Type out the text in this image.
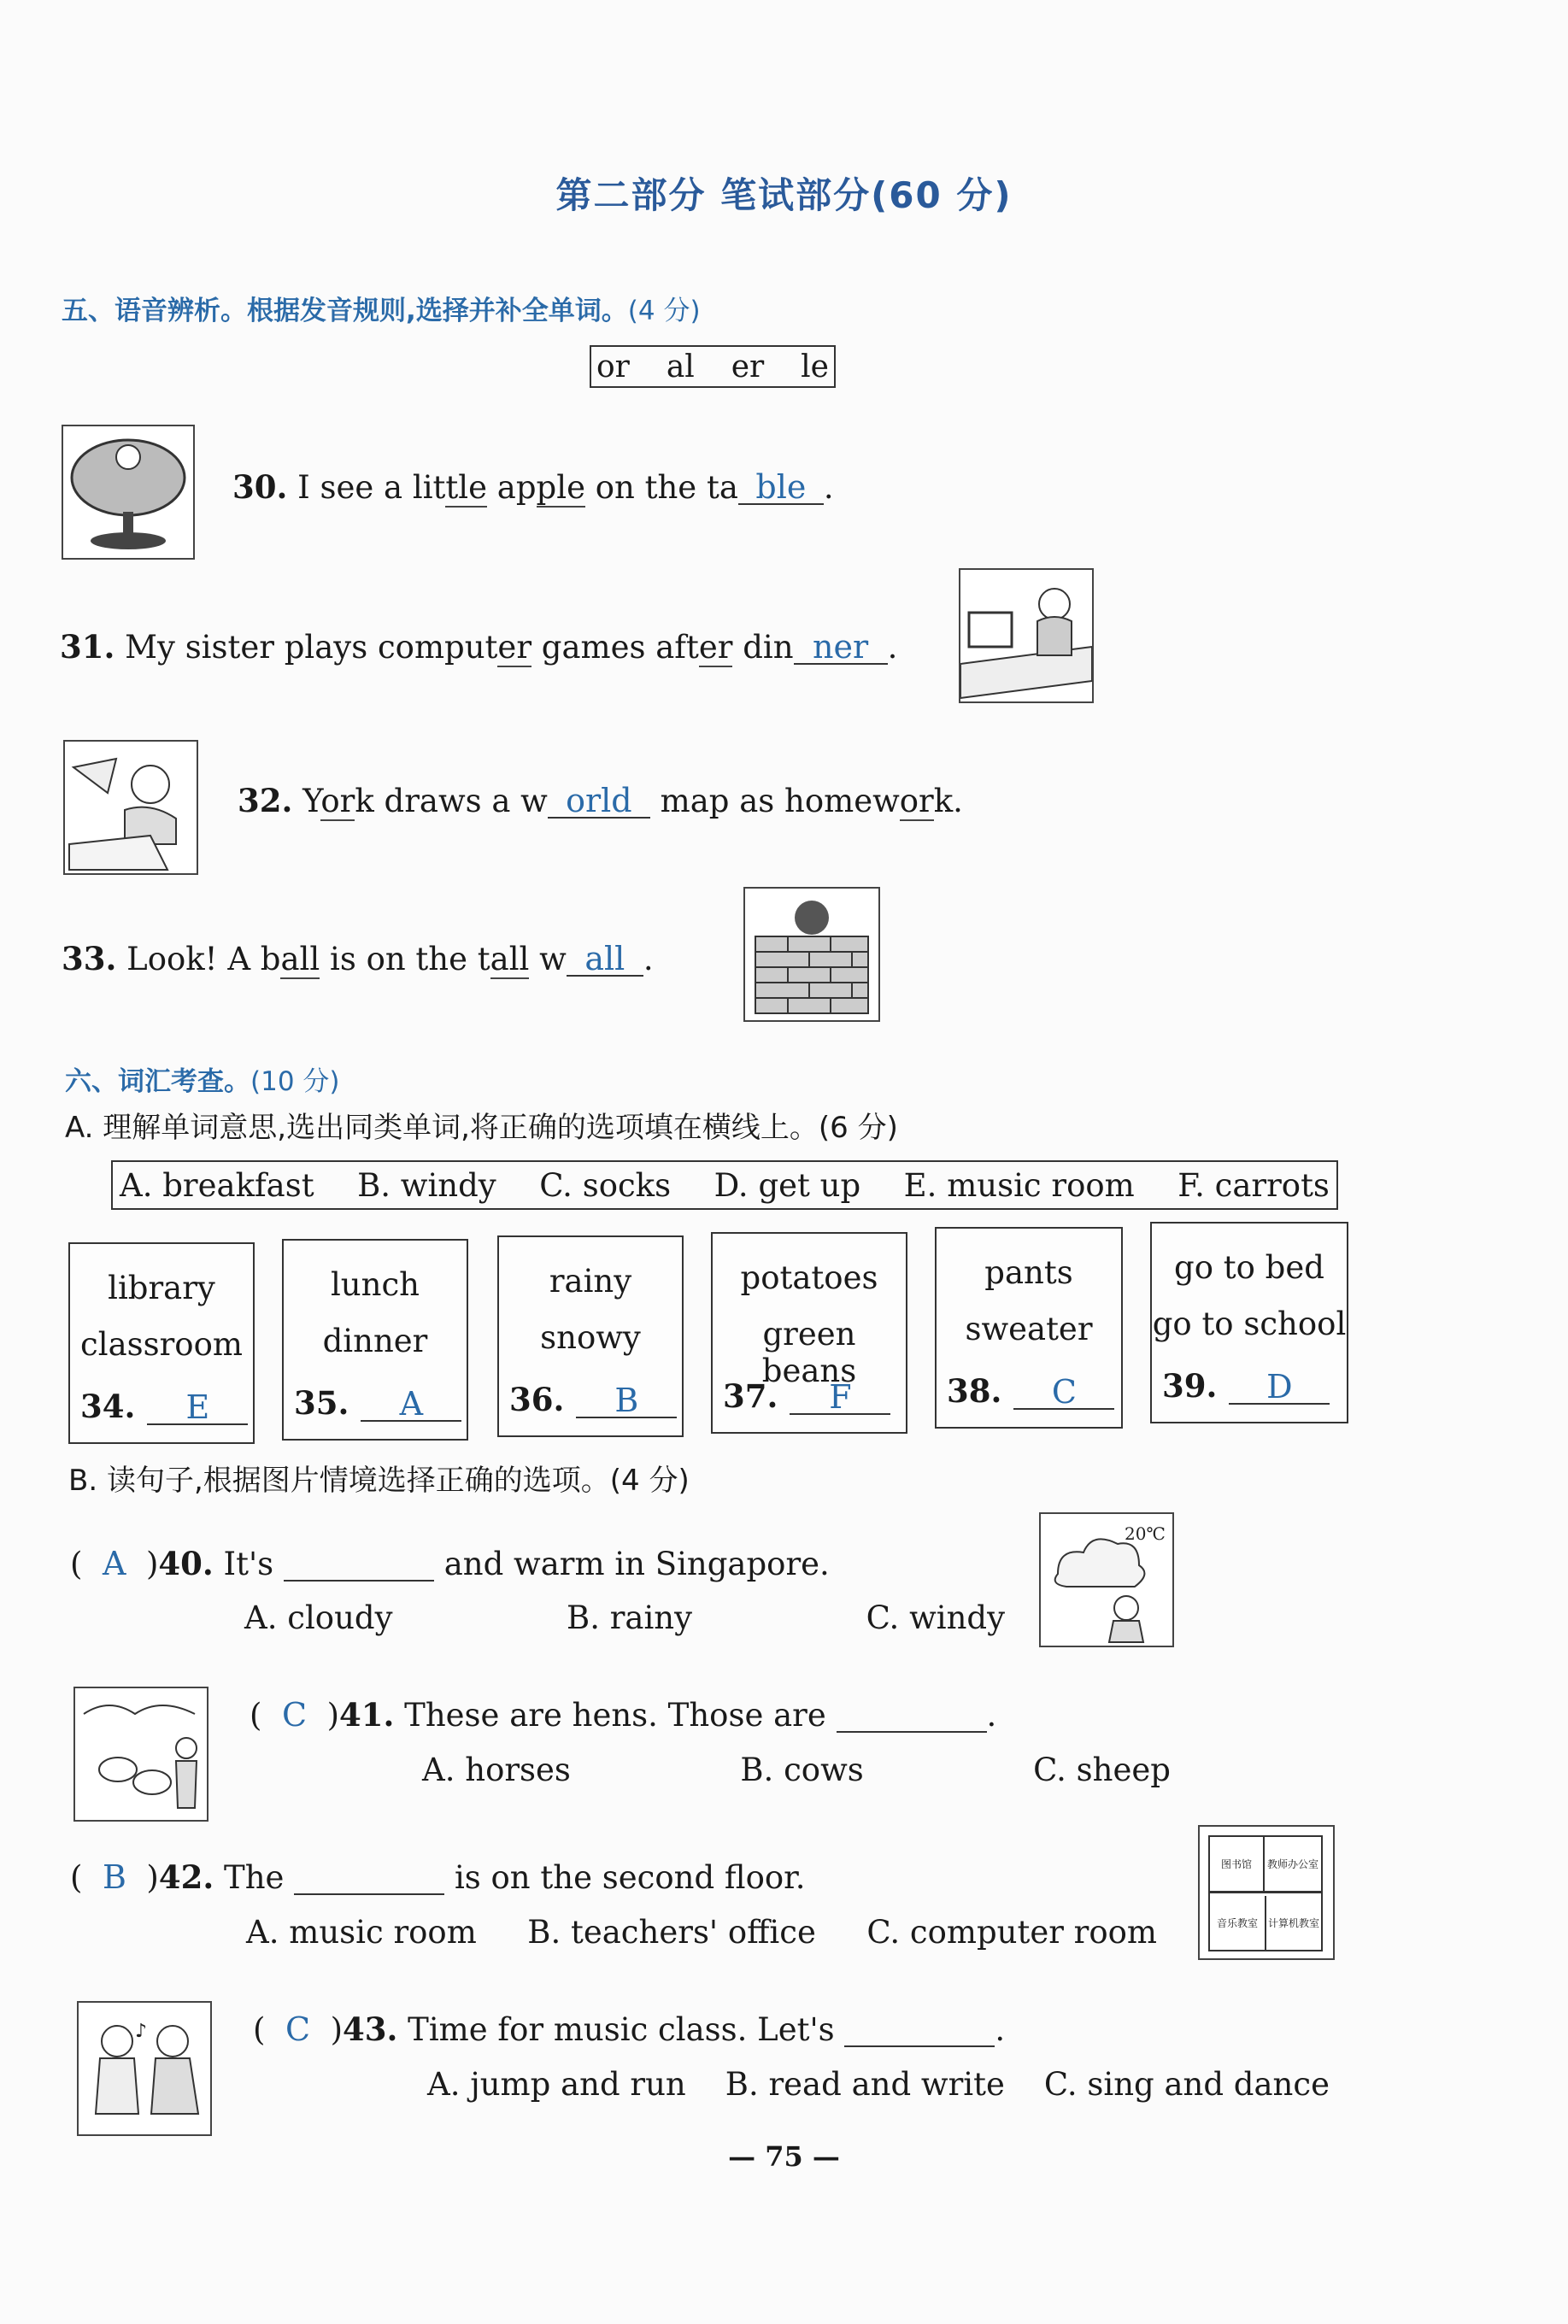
第二部分 笔试部分(60 分)
五、语音辨析。根据发音规则,选择并补全单词。(4 分)
or al er le
30. I see a little apple on the ta ble .
31. My sister plays computer games after din ner .
32. York draws a w orld map as homework.
33. Look! A ball is on the tall w all .
六、词汇考查。(10 分)
A. 理解单词意思,选出同类单词,将正确的选项填在横线上。(6 分)
A. breakfast B. windy C. socks D. get up E. music room F. carrots
library
classroom
34.	E
lunch
dinner
35.	A
rainy
snowy
36.	B
potatoes
green beans
37.	F
pants
sweater
38.	C
go to bed
go to school
39.	D
B. 读句子,根据图片情境选择正确的选项。(4 分)
(  A  )40. It's	and warm in Singapore.
A. cloudy	B. rainy	C. windy
20℃
(  C  )41. These are hens. Those are	.
A. horses	B. cows	C. sheep
(  B  )42. The	is on the second floor.
A. music room B. teachers' office C. computer room
图书馆	教师办公室
音乐教室	计算机教室
♪	(  C  )43. Time for music class. Let's	.
A. jump and run B. read and write C. sing and dance
— 75 —
